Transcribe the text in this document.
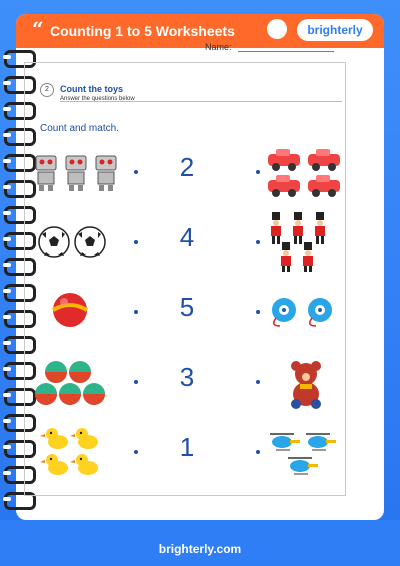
“ Counting 1 to 5 Worksheets	brighterly
Name:
2	Count the toys
Answer the questions below
Count and match.
2
4
5
3
1
brighterly.com
